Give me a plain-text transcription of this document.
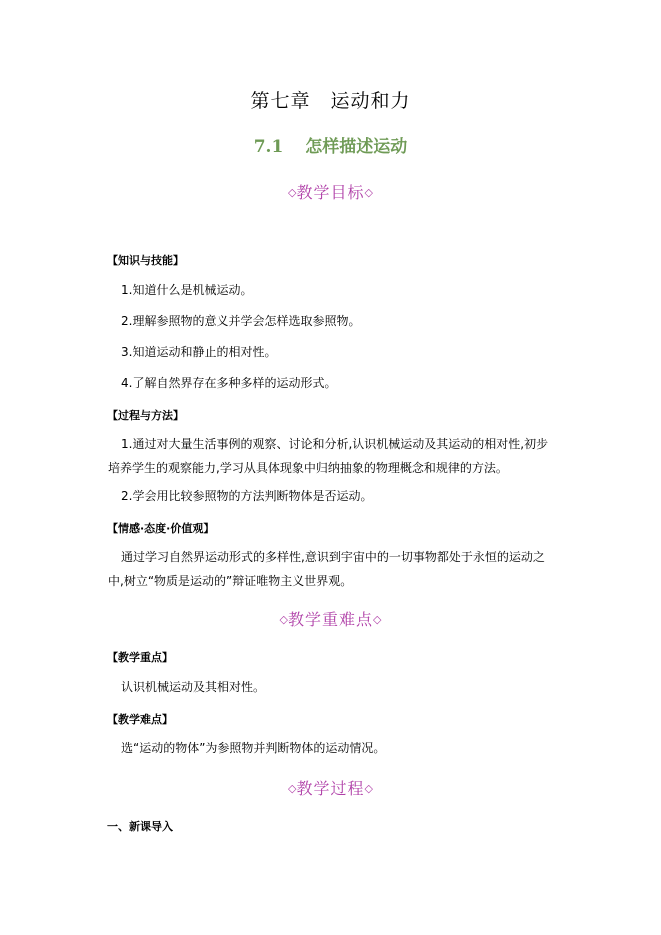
第七章　运动和力
7.1 怎样描述运动
◇教学目标◇
【知识与技能】
1.知道什么是机械运动。
2.理解参照物的意义并学会怎样选取参照物。
3.知道运动和静止的相对性。
4.了解自然界存在多种多样的运动形式。
【过程与方法】
1.通过对大量生活事例的观察、讨论和分析,认识机械运动及其运动的相对性,初步培养学生的观察能力,学习从具体现象中归纳抽象的物理概念和规律的方法。
2.学会用比较参照物的方法判断物体是否运动。
【情感·态度·价值观】
通过学习自然界运动形式的多样性,意识到宇宙中的一切事物都处于永恒的运动之中,树立“物质是运动的”辩证唯物主义世界观。
◇教学重难点◇
【教学重点】
认识机械运动及其相对性。
【教学难点】
选“运动的物体”为参照物并判断物体的运动情况。
◇教学过程◇
一、新课导入
